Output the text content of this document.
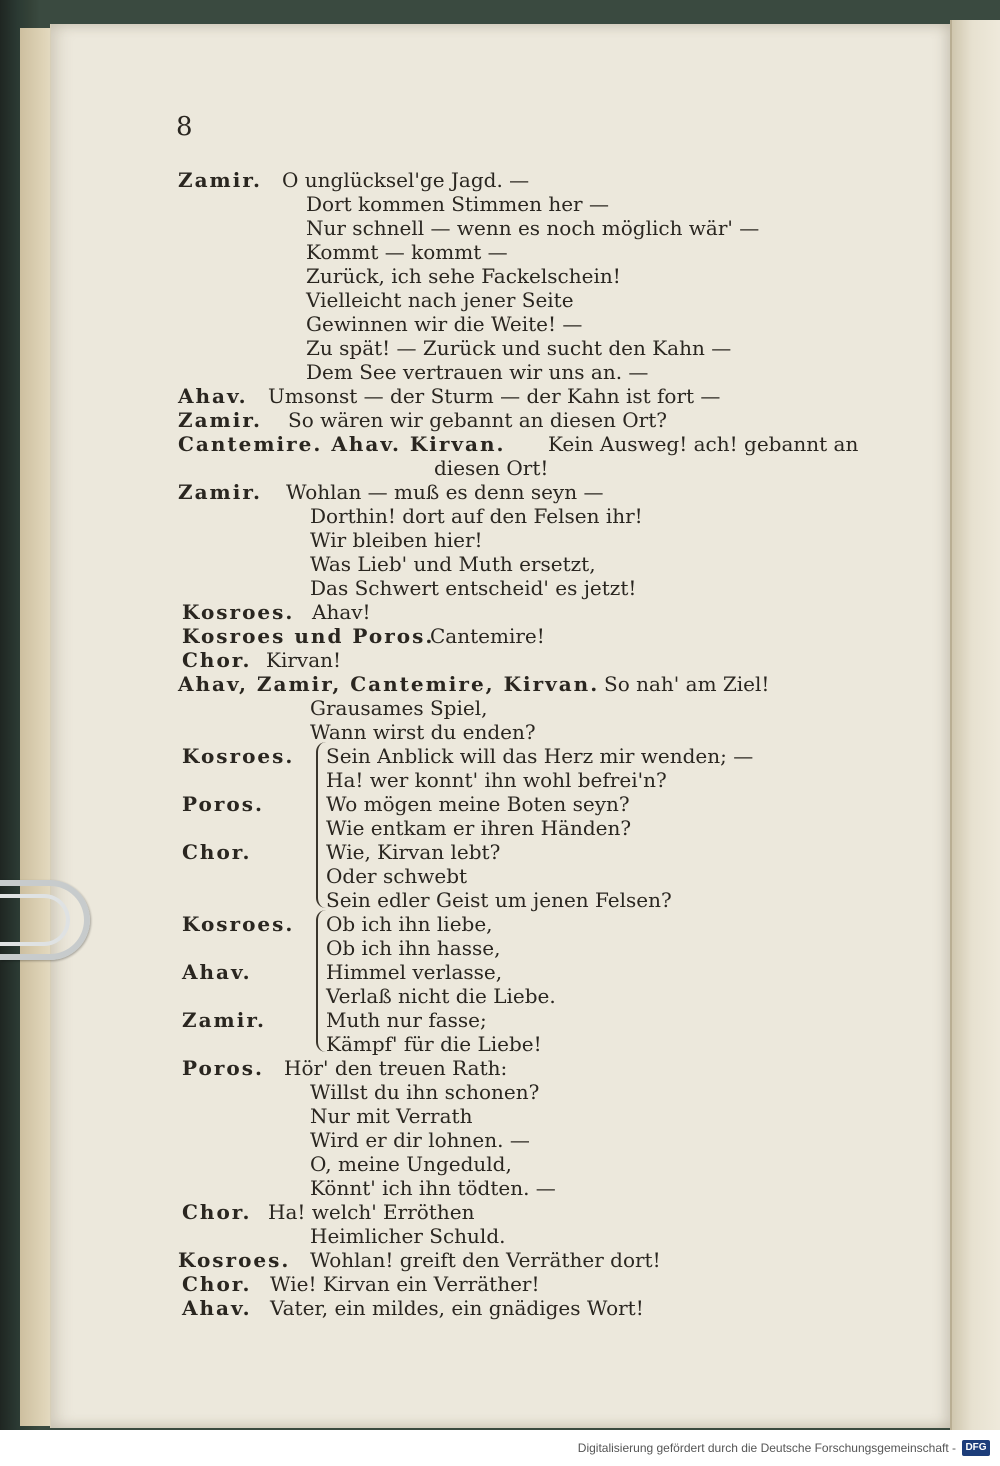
8
Zamir. O unglücksel'ge Jagd. —
Dort kommen Stimmen her —
Nur schnell — wenn es noch möglich wär' —
Kommt — kommt —
Zurück, ich sehe Fackelschein!
Vielleicht nach jener Seite
Gewinnen wir die Weite! —
Zu spät! — Zurück und sucht den Kahn —
Dem See vertrauen wir uns an. —
Ahav. Umsonst — der Sturm — der Kahn ist fort —
Zamir. So wären wir gebannt an diesen Ort?
Cantemire. Ahav. Kirvan. Kein Ausweg! ach! gebannt an
diesen Ort!
Zamir. Wohlan — muß es denn seyn —
Dorthin! dort auf den Felsen ihr!
Wir bleiben hier!
Was Lieb' und Muth ersetzt,
Das Schwert entscheid' es jetzt!
Kosroes. Ahav!
Kosroes und Poros.
Cantemire!
Chor. Kirvan!
Ahav, Zamir, Cantemire, Kirvan. So nah' am Ziel!
Grausames Spiel,
Wann wirst du enden?
Kosroes. Sein Anblick will das Herz mir wenden; —
Ha! wer konnt' ihn wohl befrei'n?
Poros.	Wo mögen meine Boten seyn?
Wie entkam er ihren Händen?
Chor.	Wie, Kirvan lebt?
Oder schwebt
Sein edler Geist um jenen Felsen?
Kosroes. Ob ich ihn liebe,
Ob ich ihn hasse,
Ahav.	Himmel verlasse,
Verlaß nicht die Liebe.
Zamir.	Muth nur fasse;
Kämpf' für die Liebe!
Poros. Hör' den treuen Rath:
Willst du ihn schonen?
Nur mit Verrath
Wird er dir lohnen. —
O, meine Ungeduld,
Könnt' ich ihn tödten. —
Chor. Ha! welch' Erröthen
Heimlicher Schuld.
Kosroes. Wohlan! greift den Verräther dort!
Chor. Wie! Kirvan ein Verräther!
Ahav. Vater, ein mildes, ein gnädiges Wort!
Digitalisierung gefördert durch die Deutsche Forschungsgemeinschaft - DFG
